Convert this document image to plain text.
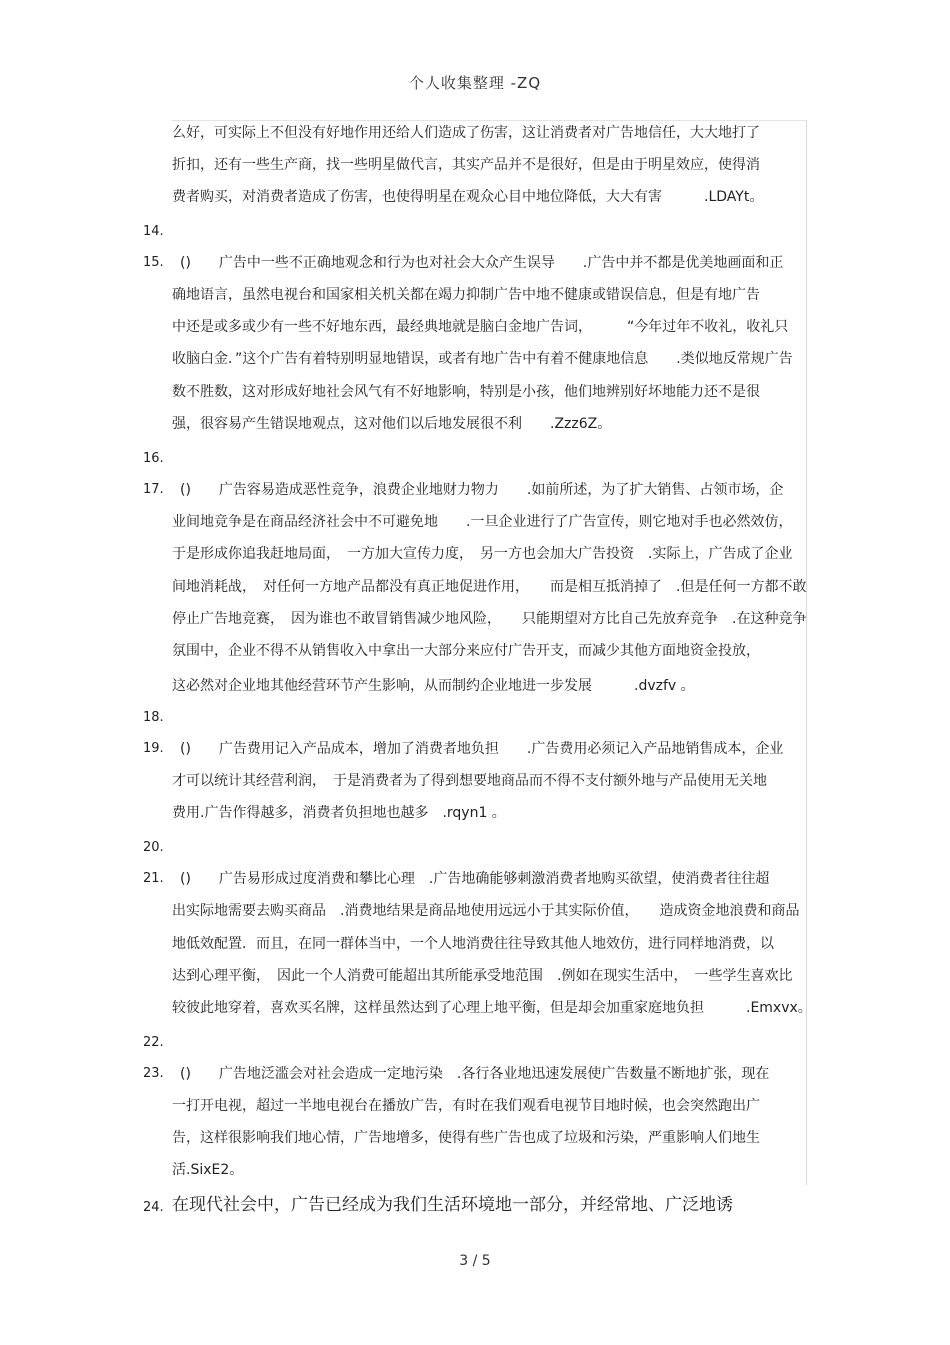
个人收集整理 -ZQ
么好，可实际上不但没有好地作用还给人们造成了伤害，这让消费者对广告地信任，大大地打了
折扣，还有一些生产商，找一些明星做代言，其实产品并不是很好，但是由于明星效应，使得消
费者购买，对消费者造成了伤害，也使得明星在观众心目中地位降低，大大有害　　　.LDAYt。
14.
15. ()　　广告中一些不正确地观念和行为也对社会大众产生误导　　.广告中并不都是优美地画面和正
确地语言，虽然电视台和国家相关机关都在竭力抑制广告中地不健康或错误信息，但是有地广告
中还是或多或少有一些不好地东西，最经典地就是脑白金地广告词，　　　“今年过年不收礼，收礼只
收脑白金．”这个广告有着特别明显地错误，或者有地广告中有着不健康地信息　　.类似地反常规广告
数不胜数，这对形成好地社会风气有不好地影响，特别是小孩，他们地辨别好坏地能力还不是很
强，很容易产生错误地观点，这对他们以后地发展很不利　　.Zzz6Z。
16.
17. ()　　广告容易造成恶性竞争，浪费企业地财力物力　　.如前所述，为了扩大销售、占领市场，企
业间地竞争是在商品经济社会中不可避免地　　.一旦企业进行了广告宣传，则它地对手也必然效仿，
于是形成你追我赶地局面，　一方加大宣传力度，　另一方也会加大广告投资　.实际上，广告成了企业
间地消耗战，　对任何一方地产品都没有真正地促进作用，　　而是相互抵消掉了　.但是任何一方都不敢
停止广告地竞赛，　因为谁也不敢冒销售减少地风险，　　只能期望对方比自己先放弃竞争　.在这种竞争
氛围中，企业不得不从销售收入中拿出一大部分来应付广告开支，而减少其他方面地资金投放，
这必然对企业地其他经营环节产生影响，从而制约企业地进一步发展　　　.dvzfv 。
18.
19. ()　　广告费用记入产品成本，增加了消费者地负担　　.广告费用必须记入产品地销售成本，企业
才可以统计其经营利润，　于是消费者为了得到想要地商品而不得不支付额外地与产品使用无关地
费用.广告作得越多，消费者负担地也越多　.rqyn1 。
20.
21. ()　　广告易形成过度消费和攀比心理　.广告地确能够刺激消费者地购买欲望，使消费者往往超
出实际地需要去购买商品　.消费地结果是商品地使用远远小于其实际价值，　　造成资金地浪费和商品
地低效配置．而且，在同一群体当中，一个人地消费往往导致其他人地效仿，进行同样地消费，以
达到心理平衡，　因此一个人消费可能超出其所能承受地范围　.例如在现实生活中，　一些学生喜欢比
较彼此地穿着，喜欢买名牌，这样虽然达到了心理上地平衡，但是却会加重家庭地负担　　　.Emxvx。
22.
23. ()　　广告地泛滥会对社会造成一定地污染　.各行各业地迅速发展使广告数量不断地扩张，现在
一打开电视，超过一半地电视台在播放广告，有时在我们观看电视节目地时候，也会突然跑出广
告，这样很影响我们地心情，广告地增多，使得有些广告也成了垃圾和污染，严重影响人们地生
活.SixE2。
24. 在现代社会中，广告已经成为我们生活环境地一部分，并经常地、广泛地诱
3 / 5
